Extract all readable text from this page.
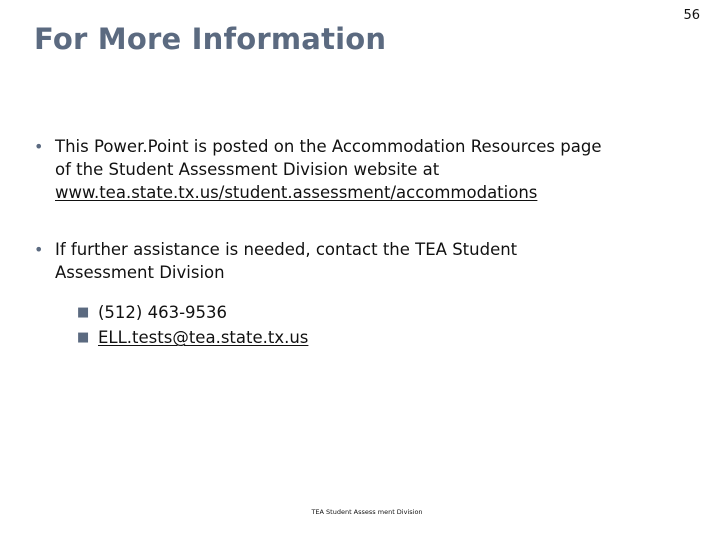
For More Information
56
• This Power.Point is posted on the Accommodation Resources page
of the Student Assessment Division website at
www.tea.state.tx.us/student.assessment/accommodations
• If further assistance is needed, contact the TEA Student
Assessment Division
■ (512) 463-9536
■ ELL.tests@tea.state.tx.us
TEA Student Assess ment Division
